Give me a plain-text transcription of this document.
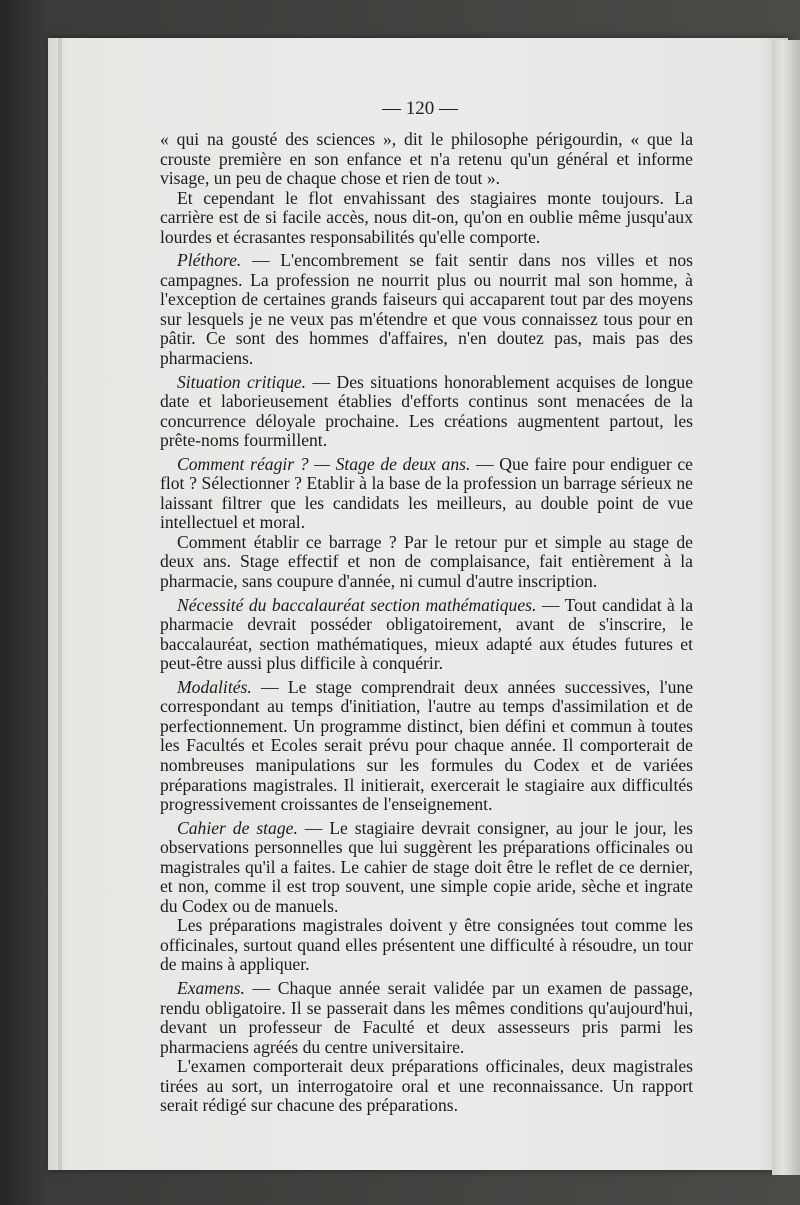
— 120 —

« qui na gousté des sciences », dit le philosophe périgourdin, « que la crouste première en son enfance et n'a retenu qu'un général et informe visage, un peu de chaque chose et rien de tout ».

Et cependant le flot envahissant des stagiaires monte toujours. La carrière est de si facile accès, nous dit-on, qu'on en oublie même jusqu'aux lourdes et écrasantes responsabilités qu'elle comporte.

Pléthore. — L'encombrement se fait sentir dans nos villes et nos campagnes. La profession ne nourrit plus ou nourrit mal son homme, à l'exception de certaines grands faiseurs qui accaparent tout par des moyens sur lesquels je ne veux pas m'étendre et que vous connaissez tous pour en pâtir. Ce sont des hommes d'affaires, n'en doutez pas, mais pas des pharmaciens.

Situation critique. — Des situations honorablement acquises de longue date et laborieusement établies d'efforts continus sont menacées de la concurrence déloyale prochaine. Les créations augmentent partout, les prête-noms fourmillent.

Comment réagir ? — Stage de deux ans. — Que faire pour endiguer ce flot ? Sélectionner ? Etablir à la base de la profession un barrage sérieux ne laissant filtrer que les candidats les meilleurs, au double point de vue intellectuel et moral.

Comment établir ce barrage ? Par le retour pur et simple au stage de deux ans. Stage effectif et non de complaisance, fait entièrement à la pharmacie, sans coupure d'année, ni cumul d'autre inscription.

Nécessité du baccalauréat section mathématiques. — Tout candidat à la pharmacie devrait posséder obligatoirement, avant de s'inscrire, le baccalauréat, section mathématiques, mieux adapté aux études futures et peut-être aussi plus difficile à conquérir.

Modalités. — Le stage comprendrait deux années successives, l'une correspondant au temps d'initiation, l'autre au temps d'assimilation et de perfectionnement. Un programme distinct, bien défini et commun à toutes les Facultés et Ecoles serait prévu pour chaque année. Il comporterait de nombreuses manipulations sur les formules du Codex et de variées préparations magistrales. Il initierait, exercerait le stagiaire aux difficultés progressivement croissantes de l'enseignement.

Cahier de stage. — Le stagiaire devrait consigner, au jour le jour, les observations personnelles que lui suggèrent les préparations officinales ou magistrales qu'il a faites. Le cahier de stage doit être le reflet de ce dernier, et non, comme il est trop souvent, une simple copie aride, sèche et ingrate du Codex ou de manuels.

Les préparations magistrales doivent y être consignées tout comme les officinales, surtout quand elles présentent une difficulté à résoudre, un tour de mains à appliquer.

Examens. — Chaque année serait validée par un examen de passage, rendu obligatoire. Il se passerait dans les mêmes conditions qu'aujourd'hui, devant un professeur de Faculté et deux assesseurs pris parmi les pharmaciens agréés du centre universitaire.

L'examen comporterait deux préparations officinales, deux magistrales tirées au sort, un interrogatoire oral et une reconnaissance. Un rapport serait rédigé sur chacune des préparations.
